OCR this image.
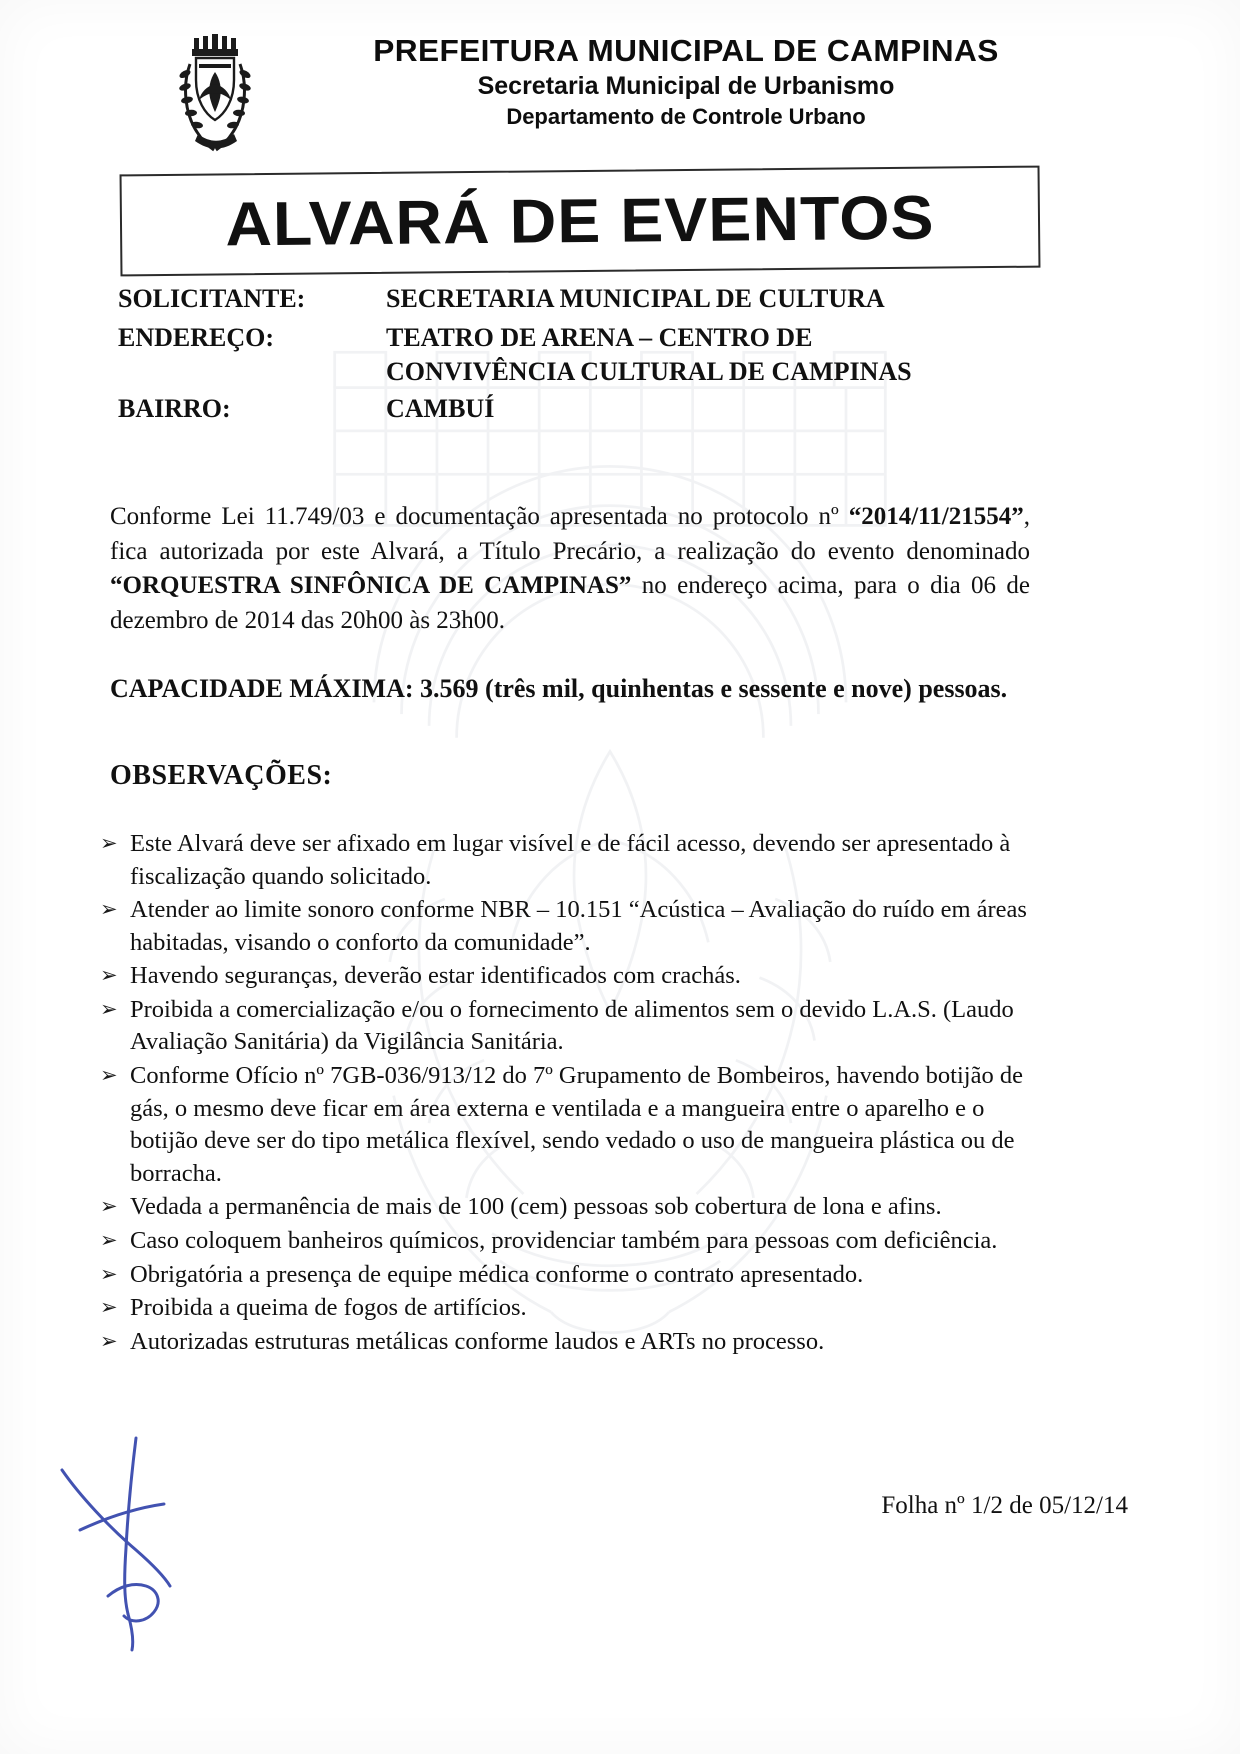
PREFEITURA MUNICIPAL DE CAMPINAS
Secretaria Municipal de Urbanismo
Departamento de Controle Urbano
ALVARÁ DE EVENTOS
SOLICITANTE:	SECRETARIA MUNICIPAL DE CULTURA
ENDEREÇO:	TEATRO DE ARENA – CENTRO DE
CONVIVÊNCIA CULTURAL DE CAMPINAS
BAIRRO:	CAMBUÍ
Conforme Lei 11.749/03 e documentação apresentada no protocolo nº “2014/11/21554”, fica autorizada por este Alvará, a Título Precário, a realização do evento denominado “ORQUESTRA SINFÔNICA DE CAMPINAS” no endereço acima, para o dia 06 de dezembro de 2014 das 20h00 às 23h00.
CAPACIDADE MÁXIMA: 3.569 (três mil, quinhentas e sessente e nove) pessoas.
OBSERVAÇÕES:
➢ Este Alvará deve ser afixado em lugar visível e de fácil acesso, devendo ser apresentado à fiscalização quando solicitado.
➢ Atender ao limite sonoro conforme NBR – 10.151 “Acústica – Avaliação do ruído em áreas habitadas, visando o conforto da comunidade”.
➢ Havendo seguranças, deverão estar identificados com crachás.
➢ Proibida a comercialização e/ou o fornecimento de alimentos sem o devido L.A.S. (Laudo Avaliação Sanitária) da Vigilância Sanitária.
➢ Conforme Ofício nº 7GB-036/913/12 do 7º Grupamento de Bombeiros, havendo botijão de gás, o mesmo deve ficar em área externa e ventilada e a mangueira entre o aparelho e o botijão deve ser do tipo metálica flexível, sendo vedado o uso de mangueira plástica ou de borracha.
➢ Vedada a permanência de mais de 100 (cem) pessoas sob cobertura de lona e afins.
➢ Caso coloquem banheiros químicos, providenciar também para pessoas com deficiência.
➢ Obrigatória a presença de equipe médica conforme o contrato apresentado.
➢ Proibida a queima de fogos de artifícios.
➢ Autorizadas estruturas metálicas conforme laudos e ARTs no processo.
Folha nº 1/2 de 05/12/14
